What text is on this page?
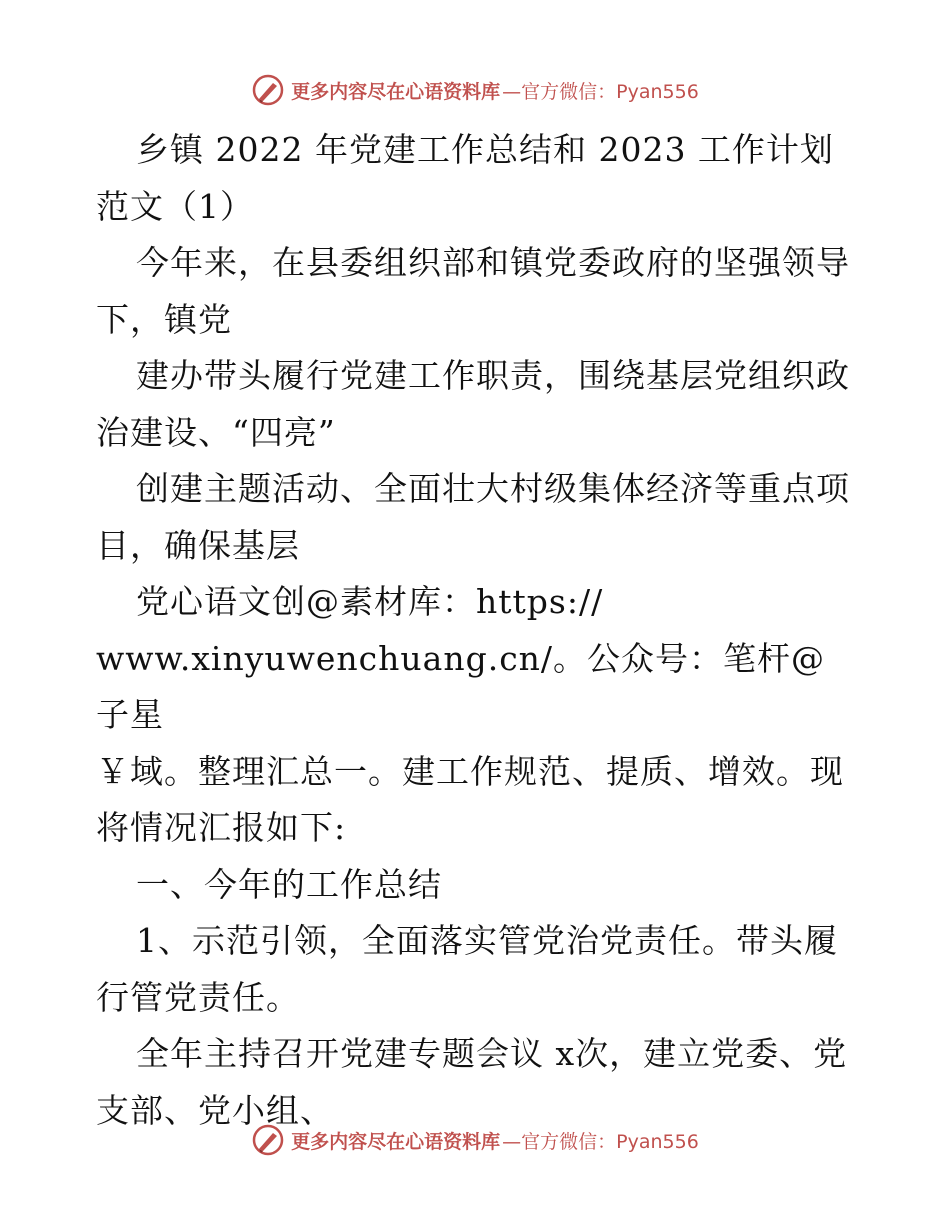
更多内容尽在心语资料库 —官方微信：Pyan556

乡镇 2022 年党建工作总结和 2023 工作计划范文（1）

今年来，在县委组织部和镇党委政府的坚强领导下，镇党

建办带头履行党建工作职责，围绕基层党组织政治建设、“四亮”

创建主题活动、全面壮大村级集体经济等重点项目，确保基层

党心语文创@素材库：https://

www.xinyuwenchuang.cn/。公众号：笔杆@子星

￥域。整理汇总一。建工作规范、提质、增效。现将情况汇报如下:

一、今年的工作总结

1、示范引领，全面落实管党治党责任。带头履行管党责任。

全年主持召开党建专题会议 x次，建立党委、党支部、党小组、

更多内容尽在心语资料库 —官方微信：Pyan556
